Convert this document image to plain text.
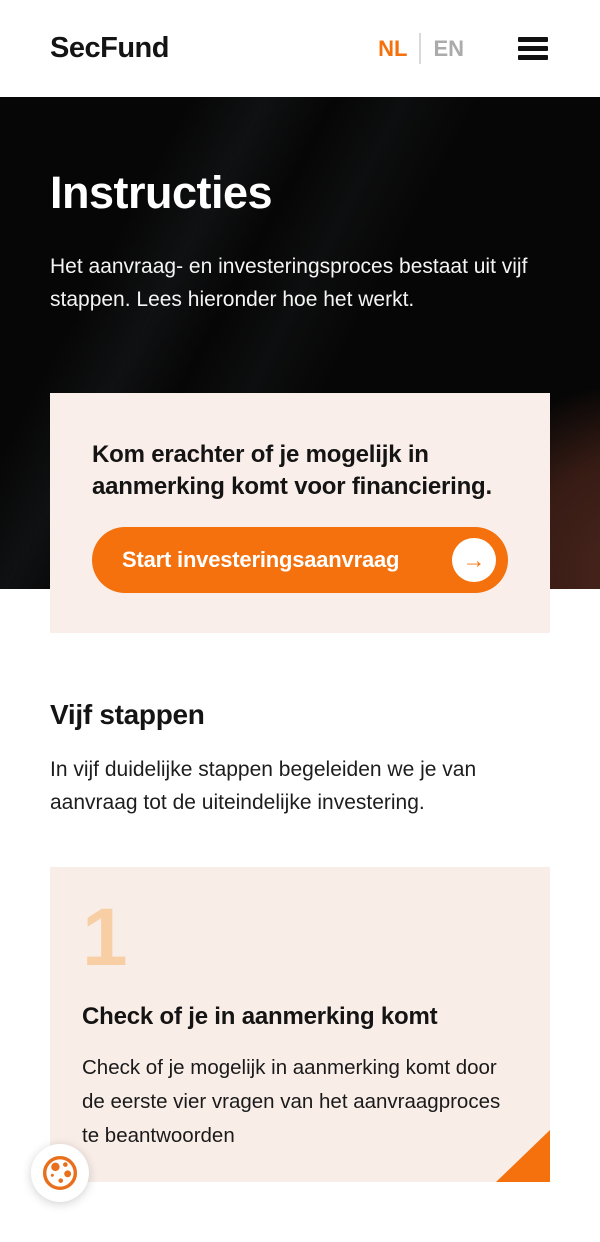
SecFund	NL EN
Instructies

Het aanvraag- en investeringsproces bestaat uit vijf stappen. Lees hieronder hoe het werkt.

Kom erachter of je mogelijk in aanmerking komt voor financiering.
Start investeringsaanvraag	→
Vijf stappen

In vijf duidelijke stappen begeleiden we je van aanvraag tot de uiteindelijke investering.

1
Check of je in aanmerking komt

Check of je mogelijk in aanmerking komt door de eerste vier vragen van het aanvraagproces te beantwoorden
